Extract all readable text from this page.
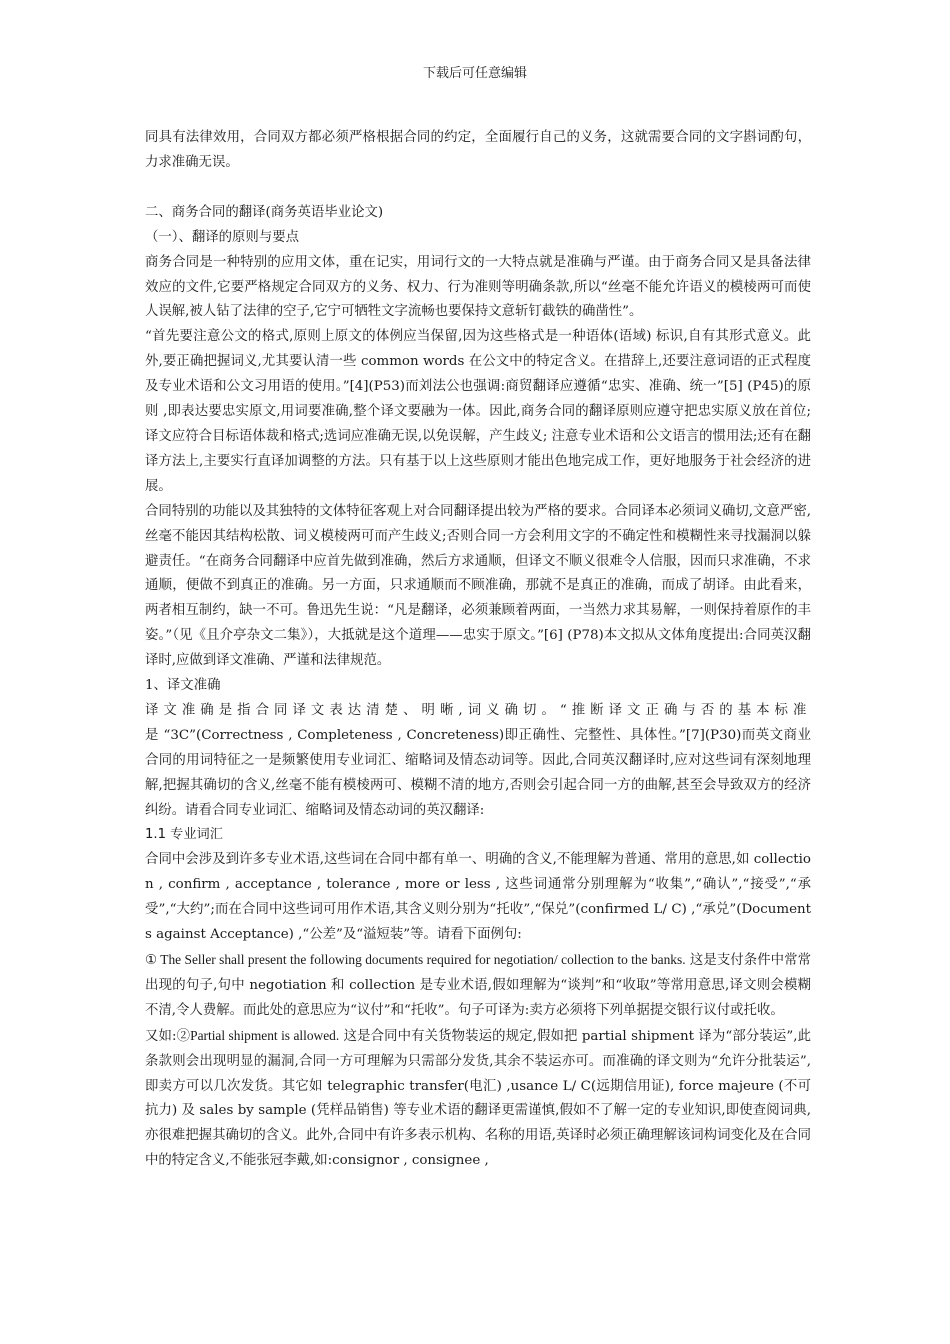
下载后可任意编辑

同具有法律效用，合同双方都必须严格根据合同的约定，全面履行自己的义务，这就需要合同的文字斟词酌句，力求准确无误。

二、商务合同的翻译(商务英语毕业论文)

（一）、翻译的原则与要点

商务合同是一种特别的应用文体，重在记实，用词行文的一大特点就是准确与严谨。由于商务合同又是具备法律效应的文件,它要严格规定合同双方的义务、权力、行为准则等明确条款,所以“丝毫不能允许语义的模棱两可而使人误解,被人钻了法律的空子,它宁可牺牲文字流畅也要保持文意斩钉截铁的确凿性”。

“首先要注意公文的格式,原则上原文的体例应当保留,因为这些格式是一种语体(语域) 标识,自有其形式意义。此外,要正确把握词义,尤其要认清一些 common words 在公文中的特定含义。在措辞上,还要注意词语的正式程度及专业术语和公文习用语的使用。”[4](P53)而刘法公也强调:商贸翻译应遵循“忠实、准确、统一”[5] (P45)的原则 ,即表达要忠实原文,用词要准确,整个译文要融为一体。因此,商务合同的翻译原则应遵守把忠实原义放在首位; 译文应符合目标语体裁和格式;选词应准确无误,以免误解，产生歧义; 注意专业术语和公文语言的惯用法;还有在翻译方法上,主要实行直译加调整的方法。只有基于以上这些原则才能出色地完成工作，更好地服务于社会经济的进展。

合同特别的功能以及其独特的文体特征客观上对合同翻译提出较为严格的要求。合同译本必须词义确切,文意严密,丝毫不能因其结构松散、词义模棱两可而产生歧义;否则合同一方会利用文字的不确定性和模糊性来寻找漏洞以躲避责任。“在商务合同翻译中应首先做到准确，然后方求通顺，但译文不顺义很难令人信服，因而只求准确，不求通顺，便做不到真正的准确。另一方面，只求通顺而不顾准确，那就不是真正的准确，而成了胡译。由此看来，两者相互制约，缺一不可。鲁迅先生说：“凡是翻译，必须兼顾着两面，一当然力求其易解，一则保持着原作的丰姿。”（见《且介亭杂文二集》），大抵就是这个道理——忠实于原文。”[6] (P78)本文拟从文体角度提出:合同英汉翻译时,应做到译文准确、严谨和法律规范。

1、译文准确

译文准确是指合同译文表达清楚、明晰,词义确切。“推断译文正确与否的基本标准是“3C”(Correctness , Completeness , Concreteness)即正确性、完整性、具体性。”[7](P30)而英文商业合同的用词特征之一是频繁使用专业词汇、缩略词及情态动词等。因此,合同英汉翻译时,应对这些词有深刻地理解,把握其确切的含义,丝毫不能有模棱两可、模糊不清的地方,否则会引起合同一方的曲解,甚至会导致双方的经济纠纷。请看合同专业词汇、缩略词及情态动词的英汉翻译:

1.1 专业词汇

合同中会涉及到许多专业术语,这些词在合同中都有单一、明确的含义,不能理解为普通、常用的意思,如 collection , confirm , acceptance , tolerance , more or less , 这些词通常分别理解为“收集”,“确认”,“接受”,“承受”,“大约”;而在合同中这些词可用作术语,其含义则分别为“托收”,“保兑”(confirmed L/ C) ,“承兑”(Documents against Acceptance) ,“公差”及“溢短装”等。请看下面例句:

① The Seller shall present the following documents required for negotiation/ collection to the banks. 这是支付条件中常常出现的句子,句中 negotiation 和 collection 是专业术语,假如理解为“谈判”和“收取”等常用意思,译文则会模糊不清,令人费解。而此处的意思应为“议付”和“托收”。句子可译为:卖方必须将下列单据提交银行议付或托收。

又如:②Partial shipment is allowed. 这是合同中有关货物装运的规定,假如把 partial shipment 译为“部分装运”,此条款则会出现明显的漏洞,合同一方可理解为只需部分发货,其余不装运亦可。而准确的译文则为“允许分批装运”,即卖方可以几次发货。其它如 telegraphic transfer(电汇) ,usance L/ C(远期信用证), force majeure (不可抗力) 及 sales by sample (凭样品销售) 等专业术语的翻译更需谨慎,假如不了解一定的专业知识,即使查阅词典,亦很难把握其确切的含义。此外,合同中有许多表示机构、名称的用语,英译时必须正确理解该词构词变化及在合同中的特定含义,不能张冠李戴,如:consignor , consignee ,
